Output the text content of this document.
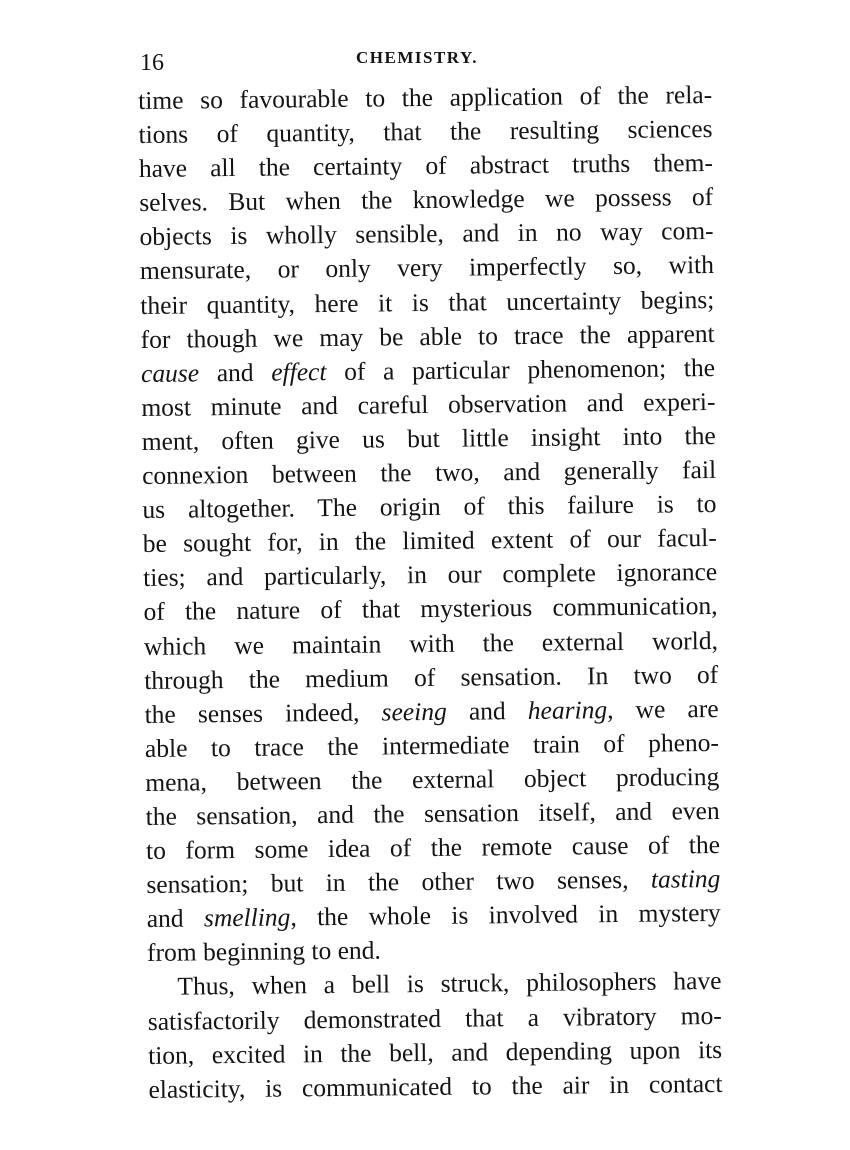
16	CHEMISTRY.
time so favourable to the application of the rela-
tions of quantity, that the resulting sciences
have all the certainty of abstract truths them-
selves. But when the knowledge we possess of
objects is wholly sensible, and in no way com-
mensurate, or only very imperfectly so, with
their quantity, here it is that uncertainty begins;
for though we may be able to trace the apparent
cause and effect of a particular phenomenon; the
most minute and careful observation and experi-
ment, often give us but little insight into the
connexion between the two, and generally fail
us altogether. The origin of this failure is to
be sought for, in the limited extent of our facul-
ties; and particularly, in our complete ignorance
of the nature of that mysterious communication,
which we maintain with the external world,
through the medium of sensation. In two of
the senses indeed, seeing and hearing, we are
able to trace the intermediate train of pheno-
mena, between the external object producing
the sensation, and the sensation itself, and even
to form some idea of the remote cause of the
sensation; but in the other two senses, tasting
and smelling, the whole is involved in mystery
from beginning to end.
Thus, when a bell is struck, philosophers have
satisfactorily demonstrated that a vibratory mo-
tion, excited in the bell, and depending upon its
elasticity, is communicated to the air in contact
